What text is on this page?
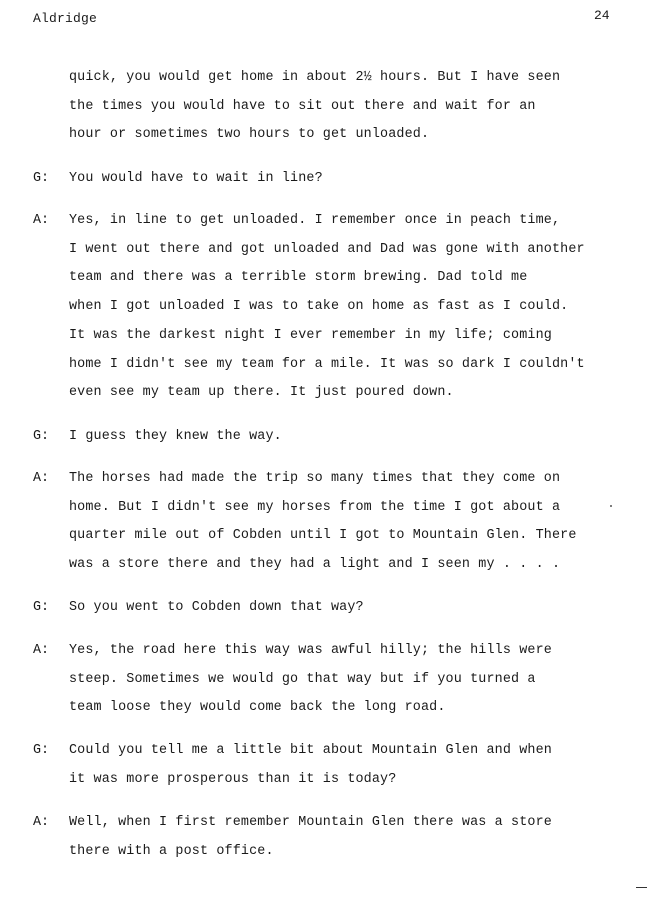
Aldridge	24
quick, you would get home in about 2½ hours. But I have seen
the times you would have to sit out there and wait for an
hour or sometimes two hours to get unloaded.
G: You would have to wait in line?
A: Yes, in line to get unloaded. I remember once in peach time,
I went out there and got unloaded and Dad was gone with another
team and there was a terrible storm brewing. Dad told me
when I got unloaded I was to take on home as fast as I could.
It was the darkest night I ever remember in my life; coming
home I didn't see my team for a mile. It was so dark I couldn't
even see my team up there. It just poured down.
G: I guess they knew the way.
A: The horses had made the trip so many times that they come on
home. But I didn't see my horses from the time I got about a
quarter mile out of Cobden until I got to Mountain Glen. There
was a store there and they had a light and I seen my . . . .
G: So you went to Cobden down that way?
A: Yes, the road here this way was awful hilly; the hills were
steep. Sometimes we would go that way but if you turned a
team loose they would come back the long road.
G: Could you tell me a little bit about Mountain Glen and when
it was more prosperous than it is today?
A: Well, when I first remember Mountain Glen there was a store
there with a post office.
